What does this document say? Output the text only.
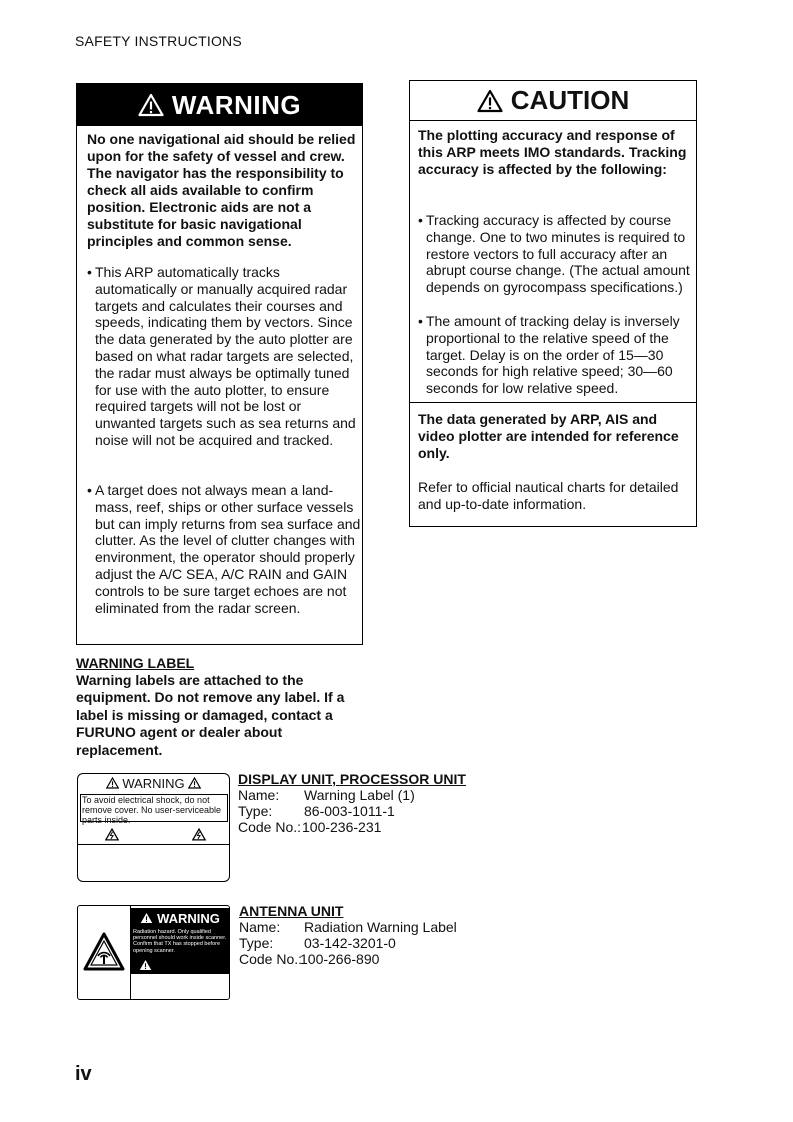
SAFETY INSTRUCTIONS
WARNING
No one navigational aid should be relied upon for the safety of vessel and crew. The navigator has the responsibility to check all aids available to confirm position. Electronic aids are not a substitute for basic navigational principles and common sense.
• This ARP automatically tracks automatically or manually acquired radar targets and calculates their courses and speeds, indicating them by vectors. Since the data generated by the auto plotter are based on what radar targets are selected, the radar must always be optimally tuned for use with the auto plotter, to ensure required targets will not be lost or unwanted targets such as sea returns and noise will not be acquired and tracked.
• A target does not always mean a land-mass, reef, ships or other surface vessels but can imply returns from sea surface and clutter. As the level of clutter changes with environment, the operator should properly adjust the A/C SEA, A/C RAIN and GAIN controls to be sure target echoes are not eliminated from the radar screen.
CAUTION
The plotting accuracy and response of this ARP meets IMO standards. Tracking accuracy is affected by the following:
• Tracking accuracy is affected by course change. One to two minutes is required to restore vectors to full accuracy after an abrupt course change. (The actual amount depends on gyrocompass specifications.)
• The amount of tracking delay is inversely proportional to the relative speed of the target. Delay is on the order of 15—30 seconds for high relative speed; 30—60 seconds for low relative speed.
The data generated by ARP, AIS and video plotter are intended for reference only.
Refer to official nautical charts for detailed and up-to-date information.
WARNING LABEL
Warning labels are attached to the equipment. Do not remove any label. If a label is missing or damaged, contact a FURUNO agent or dealer about replacement.
WARNING
To avoid electrical shock, do not remove cover. No user-serviceable parts inside.
DISPLAY UNIT, PROCESSOR UNIT
Name: Warning Label (1)
Type: 86-003-1011-1
Code No.:100-236-231
WARNING
Radiation hazard. Only qualified personnel should work inside scanner. Confirm that TX has stopped before opening scanner.
ANTENNA UNIT
Name: Radiation Warning Label
Type: 03-142-3201-0
Code No.:100-266-890
iv
